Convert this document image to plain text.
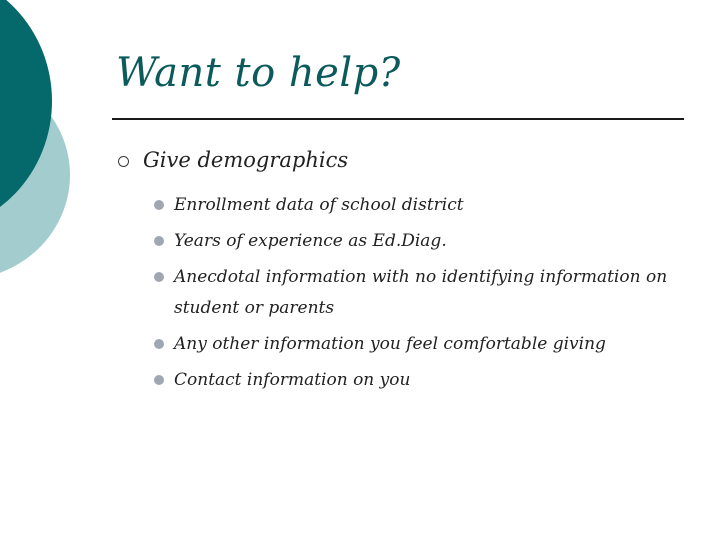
Want to help?
Give demographics
Enrollment data of school district
Years of experience as Ed.Diag.
Anecdotal information with no identifying information on student or parents
Any other information you feel comfortable giving
Contact information on you
